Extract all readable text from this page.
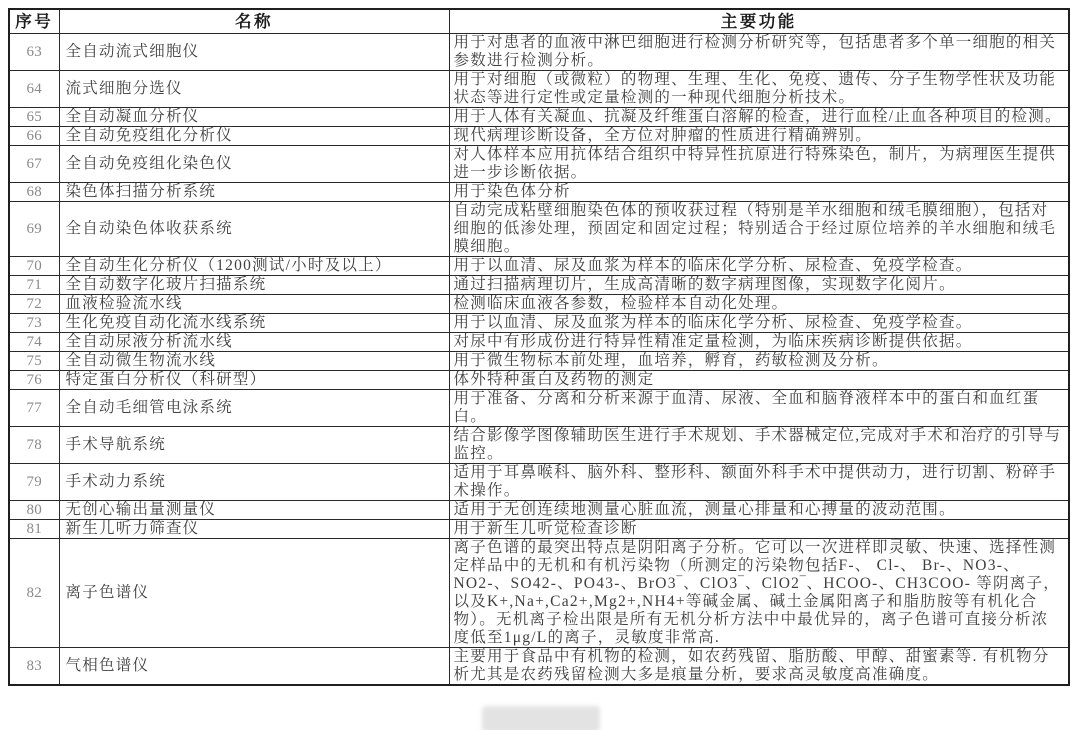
序号	名称	主要功能
63	全自动流式细胞仪	用于对患者的血液中淋巴细胞进行检测分析研究等，包括患者多个单一细胞的相关参数进行检测分析。
64	流式细胞分选仪	用于对细胞（或微粒）的物理、生理、生化、免疫、遗传、分子生物学性状及功能状态等进行定性或定量检测的一种现代细胞分析技术。
65	全自动凝血分析仪	用于人体有关凝血、抗凝及纤维蛋白溶解的检查，进行血栓/止血各种项目的检测。
66	全自动免疫组化分析仪	现代病理诊断设备，全方位对肿瘤的性质进行精确辨别。
67	全自动免疫组化染色仪	对人体样本应用抗体结合组织中特异性抗原进行特殊染色，制片，为病理医生提供进一步诊断依据。
68	染色体扫描分析系统	用于染色体分析
69	全自动染色体收获系统	自动完成粘壁细胞染色体的预收获过程（特别是羊水细胞和绒毛膜细胞），包括对细胞的低渗处理，预固定和固定过程；特别适合于经过原位培养的羊水细胞和绒毛膜细胞。
70	全自动生化分析仪（1200测试/小时及以上）	用于以血清、尿及血浆为样本的临床化学分析、尿检查、免疫学检查。
71	全自动数字化玻片扫描系统	通过扫描病理切片，生成高清晰的数字病理图像，实现数字化阅片。
72	血液检验流水线	检测临床血液各参数，检验样本自动化处理。
73	生化免疫自动化流水线系统	用于以血清、尿及血浆为样本的临床化学分析、尿检查、免疫学检查。
74	全自动尿液分析流水线	对尿中有形成份进行特异性精准定量检测，为临床疾病诊断提供依据。
75	全自动微生物流水线	用于微生物标本前处理，血培养，孵育，药敏检测及分析。
76	特定蛋白分析仪（科研型）	体外特种蛋白及药物的测定
77	全自动毛细管电泳系统	用于准备、分离和分析来源于血清、尿液、全血和脑脊液样本中的蛋白和血红蛋白。
78	手术导航系统	结合影像学图像辅助医生进行手术规划、手术器械定位,完成对手术和治疗的引导与监控。
79	手术动力系统	适用于耳鼻喉科、脑外科、整形科、额面外科手术中提供动力，进行切割、粉碎手术操作。
80	无创心输出量测量仪	适用于无创连续地测量心脏血流，测量心排量和心搏量的波动范围。
81	新生儿听力筛查仪	用于新生儿听觉检查诊断
82	离子色谱仪	离子色谱的最突出特点是阴阳离子分析。它可以一次进样即灵敏、快速、选择性测定样品中的无机和有机污染物（所测定的污染物包括F-、 Cl-、 Br-、NO3-、NO2-、SO42-、PO43-、BrO3‾、ClO3‾、ClO2‾、HCOO-、CH3COO- 等阴离子，以及K+,Na+,Ca2+,Mg2+,NH4+等碱金属、碱土金属阳离子和脂肪胺等有机化合物）。无机离子检出限是所有无机分析方法中中最优异的，离子色谱可直接分析浓度低至1μg/L的离子，灵敏度非常高.
83	气相色谱仪	主要用于食品中有机物的检测，如农药残留、脂肪酸、甲醇、甜蜜素等. 有机物分析尤其是农药残留检测大多是痕量分析，要求高灵敏度高准确度。
